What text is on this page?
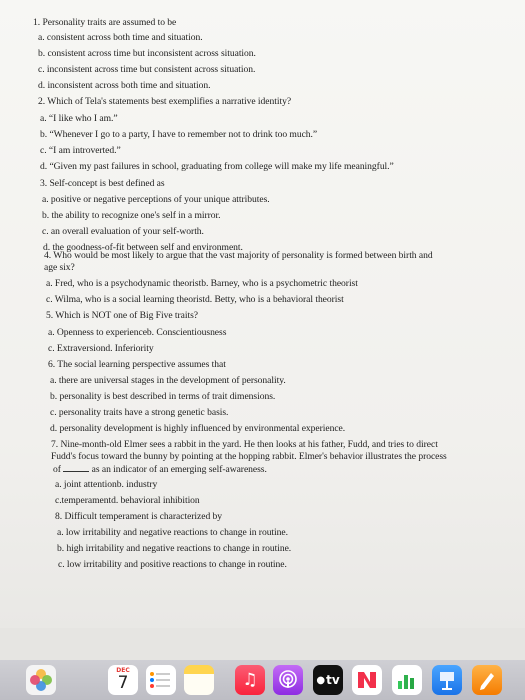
1. Personality traits are assumed to be
a. consistent across both time and situation.
b. consistent across time but inconsistent across situation.
c. inconsistent across time but consistent across situation.
d. inconsistent across both time and situation.
2. Which of Tela's statements best exemplifies a narrative identity?
a. “I like who I am.”
b. “Whenever I go to a party, I have to remember not to drink too much.”
c. “I am introverted.”
d. “Given my past failures in school, graduating from college will make my life meaningful.”
3. Self-concept is best defined as
a. positive or negative perceptions of your unique attributes.
b. the ability to recognize one's self in a mirror.
c. an overall evaluation of your self-worth.
d. the goodness-of-fit between self and environment.
4. Who would be most likely to argue that the vast majority of personality is formed between birth and
age six?
a. Fred, who is a psychodynamic theoristb. Barney, who is a psychometric theorist
c. Wilma, who is a social learning theoristd. Betty, who is a behavioral theorist
5. Which is NOT one of Big Five traits?
a. Openness to experienceb. Conscientiousness
c. Extraversiond. Inferiority
6. The social learning perspective assumes that
a. there are universal stages in the development of personality.
b. personality is best described in terms of trait dimensions.
c. personality traits have a strong genetic basis.
d. personality development is highly influenced by environmental experience.
7. Nine-month-old Elmer sees a rabbit in the yard. He then looks at his father, Fudd, and tries to direct
Fudd's focus toward the bunny by pointing at the hopping rabbit. Elmer's behavior illustrates the process
of	as an indicator of an emerging self-awareness.
a. joint attentionb. industry
c.temperamentd. behavioral inhibition
8. Difficult temperament is characterized by
a. low irritability and negative reactions to change in routine.
b. high irritability and negative reactions to change in routine.
c. low irritability and positive reactions to change in routine.
DEC
7	♫	● tv
